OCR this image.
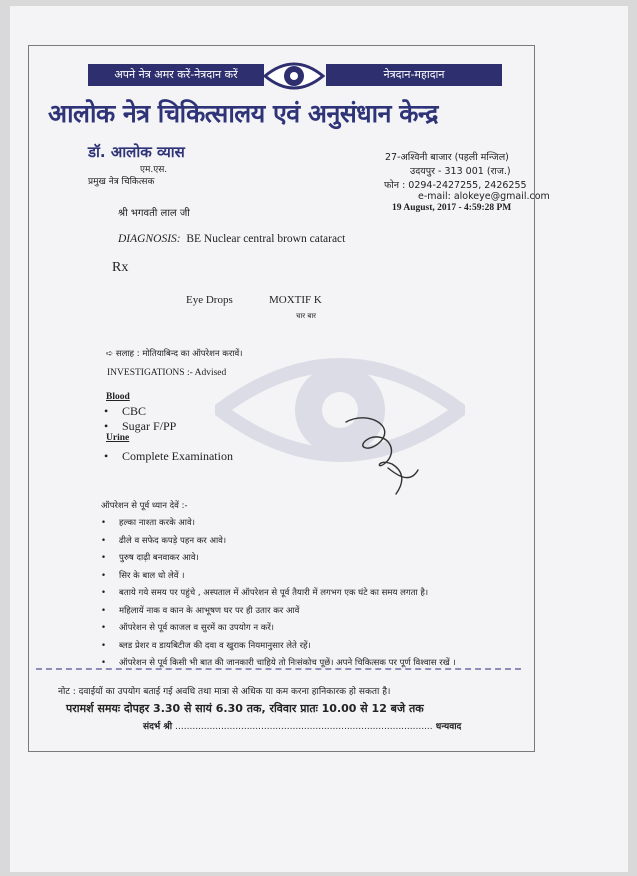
अपने नेत्र अमर करें-नेत्रदान करें	नेत्रदान-महादान
आलोक नेत्र चिकित्सालय एवं अनुसंधान केन्द्र
डॉ. आलोक व्यास
एम.एस.
प्रमुख नेत्र चिकित्सक
27-अश्विनी बाजार (पहली मन्जिल)
उदयपुर - 313 001 (राज.)
फोन : 0294-2427255, 2426255
e-mail: alokeye@gmail.com
19 August, 2017 - 4:59:28 PM
श्री भगवती लाल जी
DIAGNOSIS: BE Nuclear central brown cataract
Rx
Eye Drops	MOXTIF K
चार बार
➪ सलाह : मोतियाबिन्द का ऑपरेशन करावें।
INVESTIGATIONS :- Advised
Blood
• CBC
• Sugar F/PP
Urine
• Complete Examination
ऑपरेशन से पूर्व ध्यान देवें :-
• हल्का नाश्ता करके आवे।
• ढीले व सफेद कपड़े पहन कर आवे।
• पुरुष दाढ़ी बनवाकर आवे।
• सिर के बाल धो लेवें ।
• बताये गये समय पर पहुंचे , अस्पताल में ऑपरेशन से पूर्व तैयारी में लगभग एक घंटे का समय लगता है।
• महिलायें नाक व कान के आभूषण घर पर ही उतार कर आवें
• ऑपरेशन से पूर्व काजल व सुरमें का उपयोग न करें।
• ब्लड प्रेशर व डायबिटीज की दवा व खुराक नियमानुसार लेते रहें।
• ऑपरेशन से पूर्व किसी भी बात की जानकारी चाहिये तो निःसंकोच पूछें। अपने चिकित्सक पर पूर्ण विश्वास रखें ।
नोट : दवाईयों का उपयोग बताई गई अवधि तथा मात्रा से अधिक या कम करना हानिकारक हो सकता है।
परामर्श समयः दोपहर 3.30 से सायं 6.30 तक, रविवार प्रातः 10.00 से 12 बजे तक
संदर्भ श्री .......................................................................................... धन्यवाद
